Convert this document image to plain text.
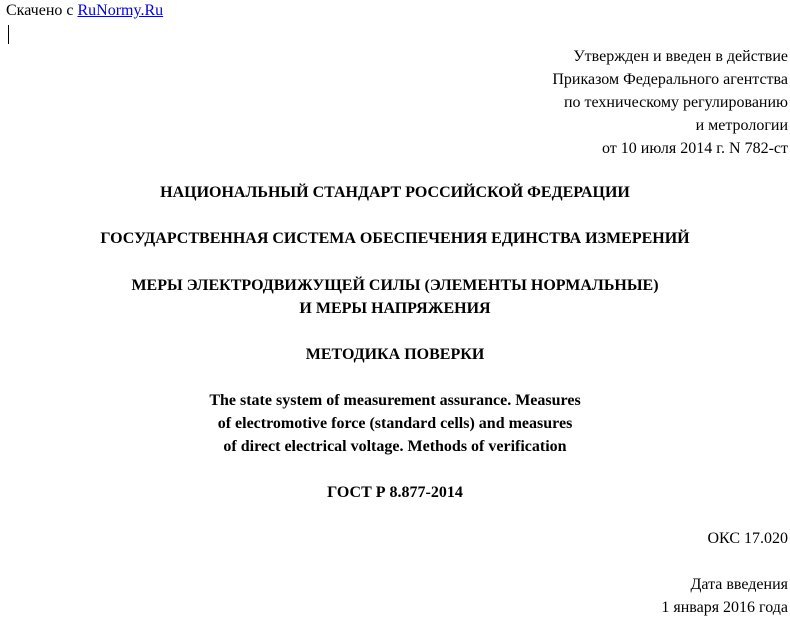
Скачено с RuNormy.Ru
Утвержден и введен в действие
Приказом Федерального агентства
по техническому регулированию
и метрологии
от 10 июля 2014 г. N 782-ст
НАЦИОНАЛЬНЫЙ СТАНДАРТ РОССИЙСКОЙ ФЕДЕРАЦИИ
ГОСУДАРСТВЕННАЯ СИСТЕМА ОБЕСПЕЧЕНИЯ ЕДИНСТВА ИЗМЕРЕНИЙ
МЕРЫ ЭЛЕКТРОДВИЖУЩЕЙ СИЛЫ (ЭЛЕМЕНТЫ НОРМАЛЬНЫЕ)
И МЕРЫ НАПРЯЖЕНИЯ
МЕТОДИКА ПОВЕРКИ
The state system of measurement assurance. Measures
of electromotive force (standard cells) and measures
of direct electrical voltage. Methods of verification
ГОСТ Р 8.877-2014
ОКС 17.020
Дата введения
1 января 2016 года
